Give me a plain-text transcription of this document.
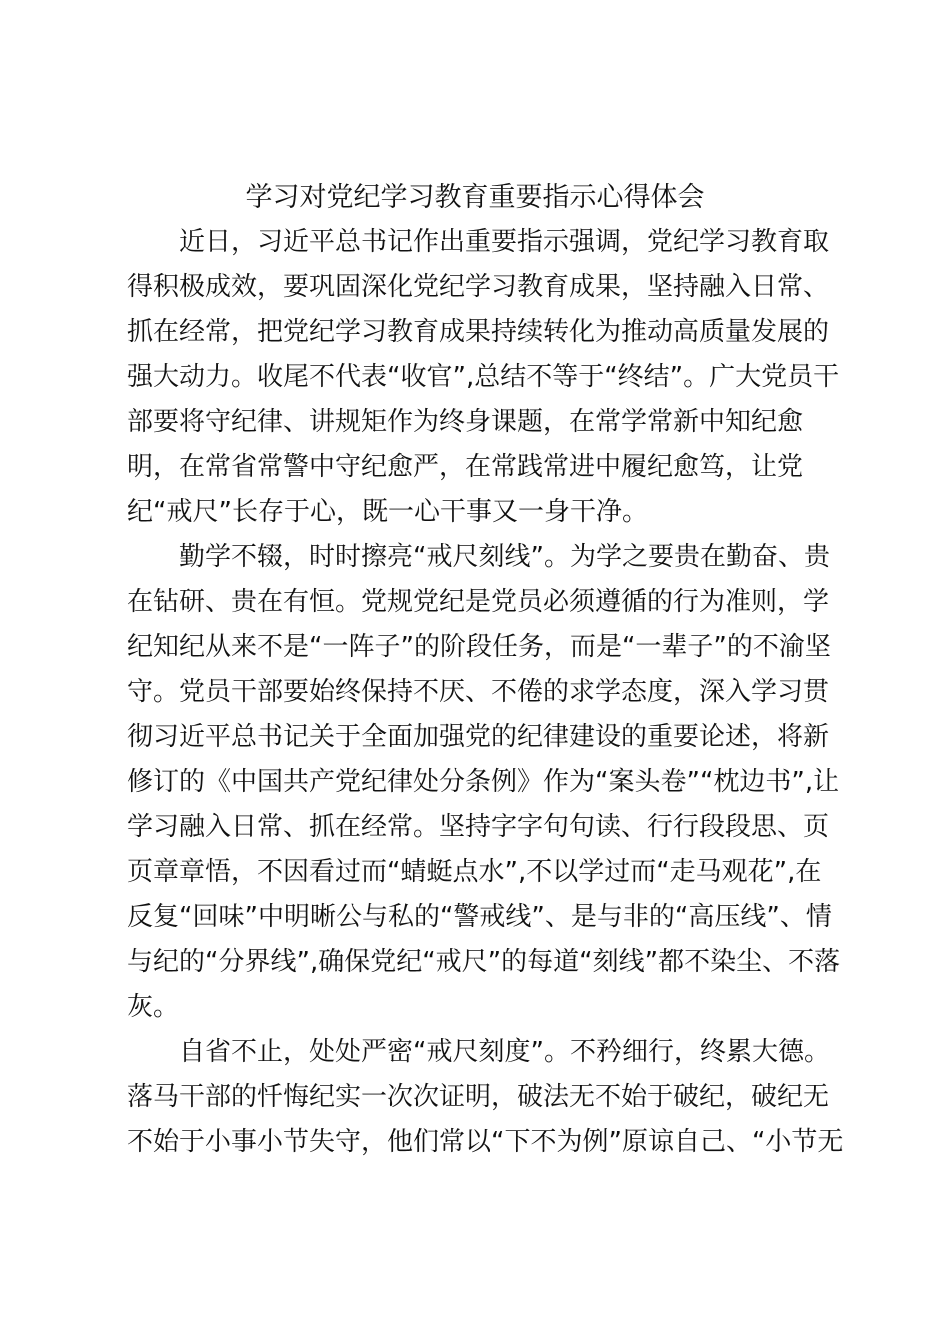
学习对党纪学习教育重要指示心得体会
近日，习近平总书记作出重要指示强调，党纪学习教育取
得积极成效，要巩固深化党纪学习教育成果，坚持融入日常、
抓在经常，把党纪学习教育成果持续转化为推动高质量发展的
强大动力。收尾不代表“收官”,总结不等于“终结”。广大党员干
部要将守纪律、讲规矩作为终身课题，在常学常新中知纪愈
明，在常省常警中守纪愈严，在常践常进中履纪愈笃，让党
纪“戒尺”长存于心，既一心干事又一身干净。
勤学不辍，时时擦亮“戒尺刻线”。为学之要贵在勤奋、贵
在钻研、贵在有恒。党规党纪是党员必须遵循的行为准则，学
纪知纪从来不是“一阵子”的阶段任务，而是“一辈子”的不渝坚
守。党员干部要始终保持不厌、不倦的求学态度，深入学习贯
彻习近平总书记关于全面加强党的纪律建设的重要论述，将新
修订的《中国共产党纪律处分条例》作为“案头卷”“枕边书”,让
学习融入日常、抓在经常。坚持字字句句读、行行段段思、页
页章章悟，不因看过而“蜻蜓点水”,不以学过而“走马观花”,在
反复“回味”中明晰公与私的“警戒线”、是与非的“高压线”、情
与纪的“分界线”,确保党纪“戒尺”的每道“刻线”都不染尘、不落
灰。
自省不止，处处严密“戒尺刻度”。不矜细行，终累大德。
落马干部的忏悔纪实一次次证明，破法无不始于破纪，破纪无
不始于小事小节失守，他们常以“下不为例”原谅自己、“小节无
